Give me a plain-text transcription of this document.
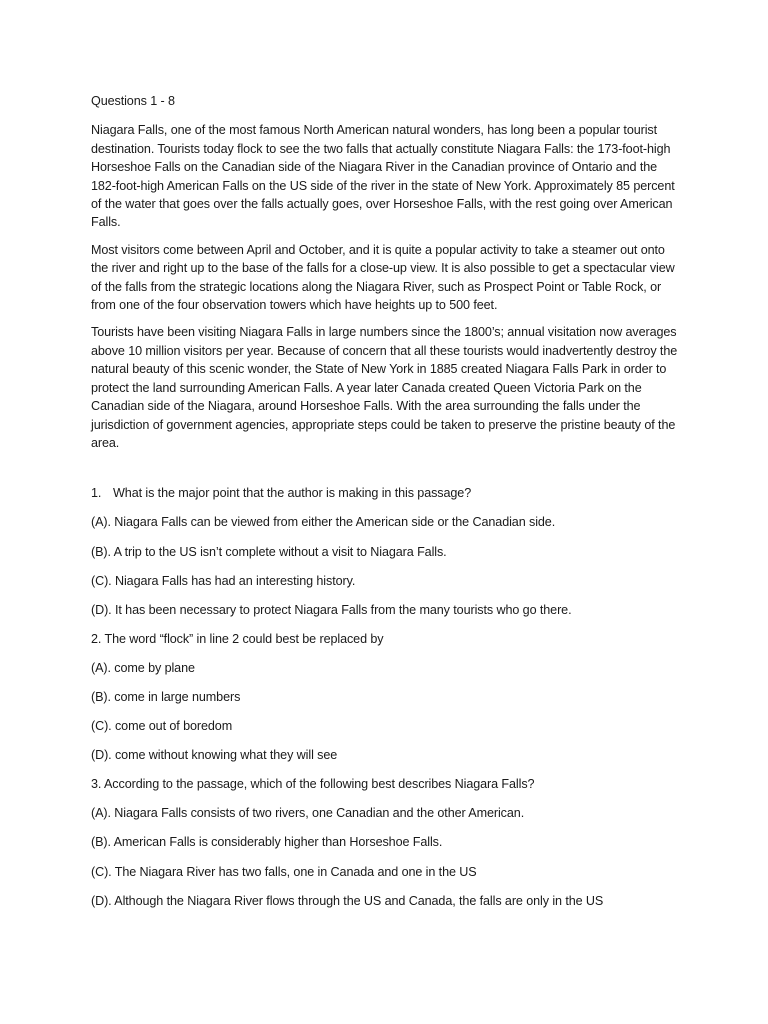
Questions 1 - 8

Niagara Falls, one of the most famous North American natural wonders, has long been a popular tourist destination. Tourists today flock to see the two falls that actually constitute Niagara Falls: the 173-foot-high Horseshoe Falls on the Canadian side of the Niagara River in the Canadian province of Ontario and the 182-foot-high American Falls on the US side of the river in the state of New York. Approximately 85 percent of the water that goes over the falls actually goes, over Horseshoe Falls, with the rest going over American Falls.

Most visitors come between April and October, and it is quite a popular activity to take a steamer out onto the river and right up to the base of the falls for a close-up view. It is also possible to get a spectacular view of the falls from the strategic locations along the Niagara River, such as Prospect Point or Table Rock, or from one of the four observation towers which have heights up to 500 feet.

Tourists have been visiting Niagara Falls in large numbers since the 1800’s; annual visitation now averages above 10 million visitors per year. Because of concern that all these tourists would inadvertently destroy the natural beauty of this scenic wonder, the State of New York in 1885 created Niagara Falls Park in order to protect the land surrounding American Falls. A year later Canada created Queen Victoria Park on the Canadian side of the Niagara, around Horseshoe Falls. With the area surrounding the falls under the jurisdiction of government agencies, appropriate steps could be taken to preserve the pristine beauty of the area.

1. What is the major point that the author is making in this passage?

(A). Niagara Falls can be viewed from either the American side or the Canadian side.

(B). A trip to the US isn’t complete without a visit to Niagara Falls.

(C). Niagara Falls has had an interesting history.

(D). It has been necessary to protect Niagara Falls from the many tourists who go there.

2. The word “flock” in line 2 could best be replaced by

(A). come by plane

(B). come in large numbers

(C). come out of boredom

(D). come without knowing what they will see

3. According to the passage, which of the following best describes Niagara Falls?

(A). Niagara Falls consists of two rivers, one Canadian and the other American.

(B). American Falls is considerably higher than Horseshoe Falls.

(C). The Niagara River has two falls, one in Canada and one in the US

(D). Although the Niagara River flows through the US and Canada, the falls are only in the US
